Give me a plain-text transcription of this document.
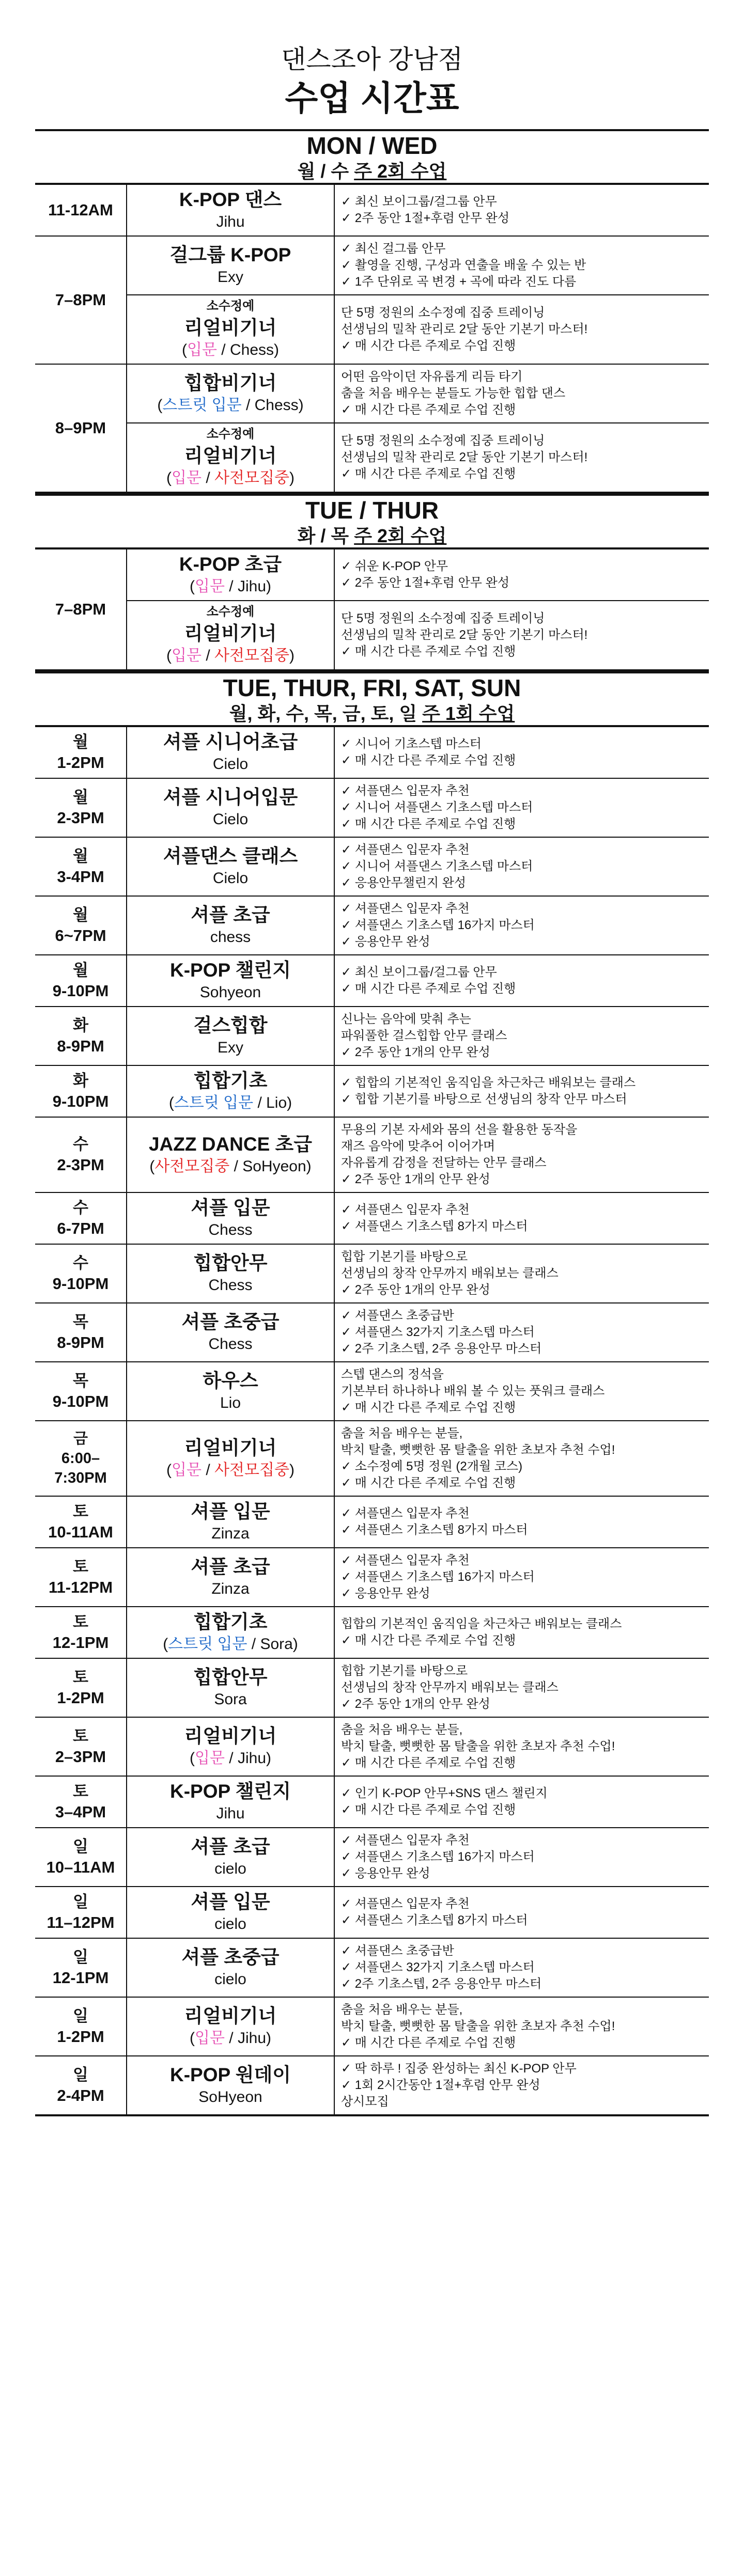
댄스조아 강남점
수업 시간표
MON / WED
월 / 수 주 2회 수업
11-12AM	K-POP 댄스
Jihu
✓ 최신 보이그룹/걸그룹 안무
✓ 2주 동안 1절+후렴 안무 완성
7–8PM
걸그룹 K-POP
Exy
✓ 최신 걸그룹 안무
✓ 촬영을 진행, 구성과 연출을 배울 수 있는 반
✓ 1주 단위로 곡 변경 + 곡에 따라 진도 다름
소수정예
리얼비기너
(입문 / Chess)
단 5명 정원의 소수정예 집중 트레이닝
선생님의 밀착 관리로 2달 동안 기본기 마스터!
✓ 매 시간 다른 주제로 수업 진행
8–9PM
힙합비기너
(스트릿 입문 / Chess)
어떤 음악이던 자유롭게 리듬 타기
춤을 처음 배우는 분들도 가능한 힙합 댄스
✓ 매 시간 다른 주제로 수업 진행
소수정예
리얼비기너
(입문 / 사전모집중)
단 5명 정원의 소수정예 집중 트레이닝
선생님의 밀착 관리로 2달 동안 기본기 마스터!
✓ 매 시간 다른 주제로 수업 진행
TUE / THUR
화 / 목 주 2회 수업
7–8PM
K-POP 초급
(입문 / Jihu)
✓ 쉬운 K-POP 안무
✓ 2주 동안 1절+후렴 안무 완성
소수정예
리얼비기너
(입문 / 사전모집중)
단 5명 정원의 소수정예 집중 트레이닝
선생님의 밀착 관리로 2달 동안 기본기 마스터!
✓ 매 시간 다른 주제로 수업 진행
TUE, THUR, FRI, SAT, SUN
월, 화, 수, 목, 금, 토, 일 주 1회 수업
월
1-2PM
셔플 시니어초급
Cielo
✓ 시니어 기초스텝 마스터
✓ 매 시간 다른 주제로 수업 진행
월
2-3PM
셔플 시니어입문
Cielo
✓ 셔플댄스 입문자 추천
✓ 시니어 셔플댄스 기초스텝 마스터
✓ 매 시간 다른 주제로 수업 진행
월
3-4PM
셔플댄스 클래스
Cielo
✓ 셔플댄스 입문자 추천
✓ 시니어 셔플댄스 기초스텝 마스터
✓ 응용안무챌린지 완성
월
6~7PM
셔플 초급
chess
✓ 셔플댄스 입문자 추천
✓ 셔플댄스 기초스텝 16가지 마스터
✓ 응용안무 완성
월
9-10PM
K-POP 챌린지
Sohyeon
✓ 최신 보이그룹/걸그룹 안무
✓ 매 시간 다른 주제로 수업 진행
화
8-9PM
걸스힙합
Exy
신나는 음악에 맞춰 추는
파워풀한 걸스힙합 안무 클래스
✓ 2주 동안 1개의 안무 완성
화
9-10PM
힙합기초
(스트릿 입문 / Lio)
✓ 힙합의 기본적인 움직임을 차근차근 배워보는 클래스
✓ 힙합 기본기를 바탕으로 선생님의 창작 안무 마스터
수
2-3PM
JAZZ DANCE 초급
(사전모집중 / SoHyeon)
무용의 기본 자세와 몸의 선을 활용한 동작을
재즈 음악에 맞추어 이어가며
자유롭게 감정을 전달하는 안무 클래스
✓ 2주 동안 1개의 안무 완성
수
6-7PM
셔플 입문
Chess
✓ 셔플댄스 입문자 추천
✓ 셔플댄스 기초스텝 8가지 마스터
수
9-10PM
힙합안무
Chess
힙합 기본기를 바탕으로
선생님의 창작 안무까지 배워보는 클래스
✓ 2주 동안 1개의 안무 완성
목
8-9PM
셔플 초중급
Chess
✓ 셔플댄스 초중급반
✓ 셔플댄스 32가지 기초스텝 마스터
✓ 2주 기초스텝, 2주 응용안무 마스터
목
9-10PM
하우스
Lio
스텝 댄스의 정석을
기본부터 하나하나 배워 볼 수 있는 풋워크 클래스
✓ 매 시간 다른 주제로 수업 진행
금
6:00–
7:30PM
리얼비기너
(입문 / 사전모집중)
춤을 처음 배우는 분들,
박치 탈출, 뻣뻣한 몸 탈출을 위한 초보자 추천 수업!
✓ 소수정예 5명 정원 (2개월 코스)
✓ 매 시간 다른 주제로 수업 진행
토
10-11AM
셔플 입문
Zinza
✓ 셔플댄스 입문자 추천
✓ 셔플댄스 기초스텝 8가지 마스터
토
11-12PM
셔플 초급
Zinza
✓ 셔플댄스 입문자 추천
✓ 셔플댄스 기초스텝 16가지 마스터
✓ 응용안무 완성
토
12-1PM
힙합기초
(스트릿 입문 / Sora)
힙합의 기본적인 움직임을 차근차근 배워보는 클래스
✓ 매 시간 다른 주제로 수업 진행
토
1-2PM
힙합안무
Sora
힙합 기본기를 바탕으로
선생님의 창작 안무까지 배워보는 클래스
✓ 2주 동안 1개의 안무 완성
토
2–3PM
리얼비기너
(입문 / Jihu)
춤을 처음 배우는 분들,
박치 탈출, 뻣뻣한 몸 탈출을 위한 초보자 추천 수업!
✓ 매 시간 다른 주제로 수업 진행
토
3–4PM
K-POP 챌린지
Jihu
✓ 인기 K-POP 안무+SNS 댄스 챌린지
✓ 매 시간 다른 주제로 수업 진행
일
10–11AM
셔플 초급
cielo
✓ 셔플댄스 입문자 추천
✓ 셔플댄스 기초스텝 16가지 마스터
✓ 응용안무 완성
일
11–12PM
셔플 입문
cielo
✓ 셔플댄스 입문자 추천
✓ 셔플댄스 기초스텝 8가지 마스터
일
12-1PM
셔플 초중급
cielo
✓ 셔플댄스 초중급반
✓ 셔플댄스 32가지 기초스텝 마스터
✓ 2주 기초스텝, 2주 응용안무 마스터
일
1-2PM
리얼비기너
(입문 / Jihu)
춤을 처음 배우는 분들,
박치 탈출, 뻣뻣한 몸 탈출을 위한 초보자 추천 수업!
✓ 매 시간 다른 주제로 수업 진행
일
2-4PM
K-POP 원데이
SoHyeon
✓ 딱 하루 ! 집중 완성하는 최신 K-POP 안무
✓ 1회 2시간동안 1절+후렴 안무 완성
상시모집
